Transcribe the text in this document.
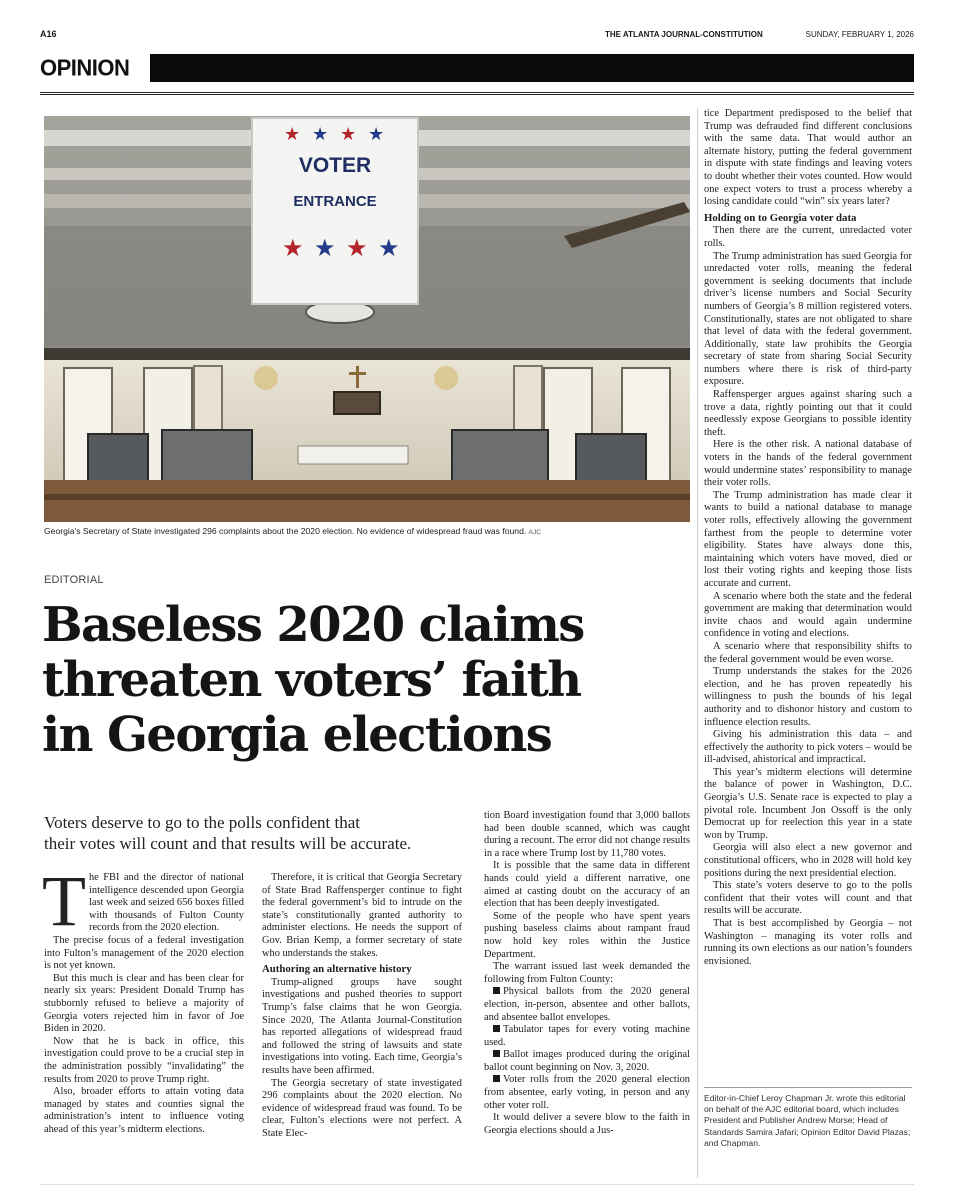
A16	THE ATLANTA JOURNAL-CONSTITUTION	SUNDAY, FEBRUARY 1, 2026
OPINION
★ ★ ★ ★
VOTER
ENTRANCE
★ ★ ★ ★
Georgia's Secretary of State investigated 296 complaints about the 2020 election. No evidence of widespread fraud was found. AJC
EDITORIAL
Baseless 2020 claims
threaten voters’ faith
in Georgia elections
Voters deserve to go to the polls confident that
their votes will count and that results will be accurate.
T he FBI and the director of national intelligence descended upon Georgia last week and seized 656 boxes filled with thousands of Fulton County records from the 2020 election.

The precise focus of a federal investigation into Fulton’s management of the 2020 election is not yet known.

But this much is clear and has been clear for nearly six years: President Donald Trump has stubbornly refused to believe a majority of Georgia voters rejected him in favor of Joe Biden in 2020.

Now that he is back in office, this investigation could prove to be a crucial step in the administration possibly “invalidating” the results from 2020 to prove Trump right.

Also, broader efforts to attain voting data managed by states and counties signal the administration’s intent to influence voting ahead of this year’s midterm elections.

Therefore, it is critical that Georgia Secretary of State Brad Raffensperger continue to fight the federal government’s bid to intrude on the state’s constitutionally granted authority to administer elections. He needs the support of Gov. Brian Kemp, a former secretary of state who understands the stakes.

Authoring an alternative history

Trump-aligned groups have sought investigations and pushed theories to support Trump’s false claims that he won Georgia. Since 2020, The Atlanta Journal-Constitution has reported allegations of widespread fraud and followed the string of lawsuits and state investigations into voting. Each time, Georgia’s results have been affirmed.

The Georgia secretary of state investigated 296 complaints about the 2020 election. No evidence of widespread fraud was found. To be clear, Fulton’s elections were not perfect. A State Elec-

tion Board investigation found that 3,000 ballots had been double scanned, which was caught during a recount. The error did not change results in a race where Trump lost by 11,780 votes.

It is possible that the same data in different hands could yield a different narrative, one aimed at casting doubt on the accuracy of an election that has been deeply investigated.

Some of the people who have spent years pushing baseless claims about rampant fraud now hold key roles within the Justice Department.

The warrant issued last week demanded the following from Fulton County:

Physical ballots from the 2020 general election, in-person, absentee and other ballots, and absentee ballot envelopes.

Tabulator tapes for every voting machine used.

Ballot images produced during the original ballot count beginning on Nov. 3, 2020.

Voter rolls from the 2020 general election from absentee, early voting, in person and any other voter roll.

It would deliver a severe blow to the faith in Georgia elections should a Jus-

tice Department predisposed to the belief that Trump was defrauded find different conclusions with the same data. That would author an alternate history, putting the federal government in dispute with state findings and leaving voters to doubt whether their votes counted. How would one expect voters to trust a process whereby a losing candidate could “win” six years later?

Holding on to Georgia voter data

Then there are the current, unredacted voter rolls.

The Trump administration has sued Georgia for unredacted voter rolls, meaning the federal government is seeking documents that include driver’s license numbers and Social Security numbers of Georgia’s 8 million registered voters. Constitutionally, states are not obligated to share that level of data with the federal government. Additionally, state law prohibits the Georgia secretary of state from sharing Social Security numbers where there is risk of third-party exposure.

Raffensperger argues against sharing such a trove a data, rightly pointing out that it could needlessly expose Georgians to possible identity theft.

Here is the other risk. A national database of voters in the hands of the federal government would undermine states’ responsibility to manage their voter rolls.

The Trump administration has made clear it wants to build a national database to manage voter rolls, effectively allowing the government farthest from the people to determine voter eligibility. States have always done this, maintaining which voters have moved, died or lost their voting rights and keeping those lists accurate and current.

A scenario where both the state and the federal government are making that determination would invite chaos and would again undermine confidence in voting and elections.

A scenario where that responsibility shifts to the federal government would be even worse.

Trump understands the stakes for the 2026 election, and he has proven repeatedly his willingness to push the bounds of his legal authority and to dishonor history and custom to influence election results.

Giving his administration this data – and effectively the authority to pick voters – would be ill-advised, ahistorical and impractical.

This year’s midterm elections will determine the balance of power in Washington, D.C. Georgia’s U.S. Senate race is expected to play a pivotal role. Incumbent Jon Ossoff is the only Democrat up for reelection this year in a state won by Trump.

Georgia will also elect a new governor and constitutional officers, who in 2028 will hold key positions during the next presidential election.

This state’s voters deserve to go to the polls confident that their votes will count and that results will be accurate.

That is best accomplished by Georgia – not Washington – managing its voter rolls and running its own elections as our nation’s founders envisioned.

Editor-in-Chief Leroy Chapman Jr. wrote this editorial on behalf of the AJC editorial board, which includes President and Publisher Andrew Morse; Head of Standards Samira Jafari; Opinion Editor David Plazas; and Chapman.
